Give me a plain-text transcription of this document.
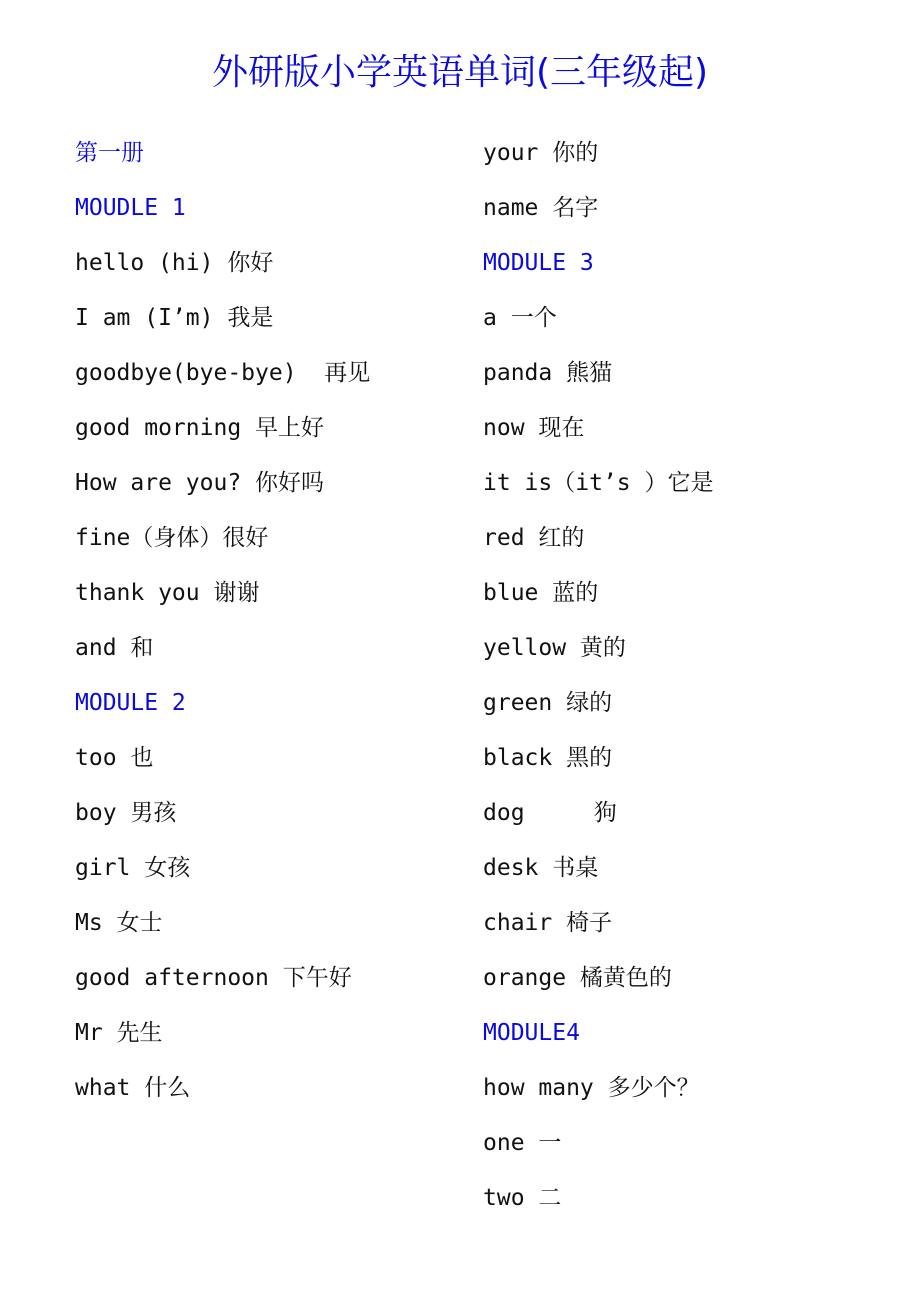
外研版小学英语单词(三年级起)
第一册
MOUDLE 1
hello (hi) 你好
I am (I’m) 我是
goodbye(bye-bye)  再见
good morning 早上好
How are you? 你好吗
fine（身体）很好
thank you 谢谢
and 和
MODULE 2
too 也
boy 男孩
girl 女孩
Ms 女士
good afternoon 下午好
Mr 先生
what 什么
your 你的
name 名字
MODULE 3
a 一个
panda 熊猫
now 现在
it is（it’s ）它是
red 红的
blue 蓝的
yellow 黄的
green 绿的
black 黑的
dog     狗
desk 书桌
chair 椅子
orange 橘黄色的
MODULE4
how many 多少个？
one 一
two 二
